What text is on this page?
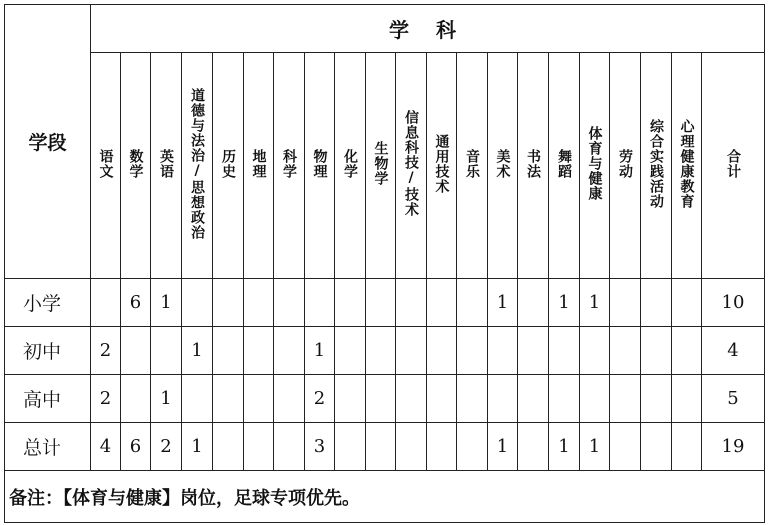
学段	学 科																				
	语文	数学	英语	道德与法治/思想政治	历史	地理	科学	物理	化学	生物学	信息科技/技术	通用技术	音乐	美术	书法	舞蹈	体育与健康	劳动	综合实践活动	心理健康教育	合计
小学		6	1											1		1	1				10
初中	2			1				1													4
高中	2		1					2													5
总计	4	6	2	1				3						1		1	1				19
备注：【体育与健康】岗位，足球专项优先。																					
